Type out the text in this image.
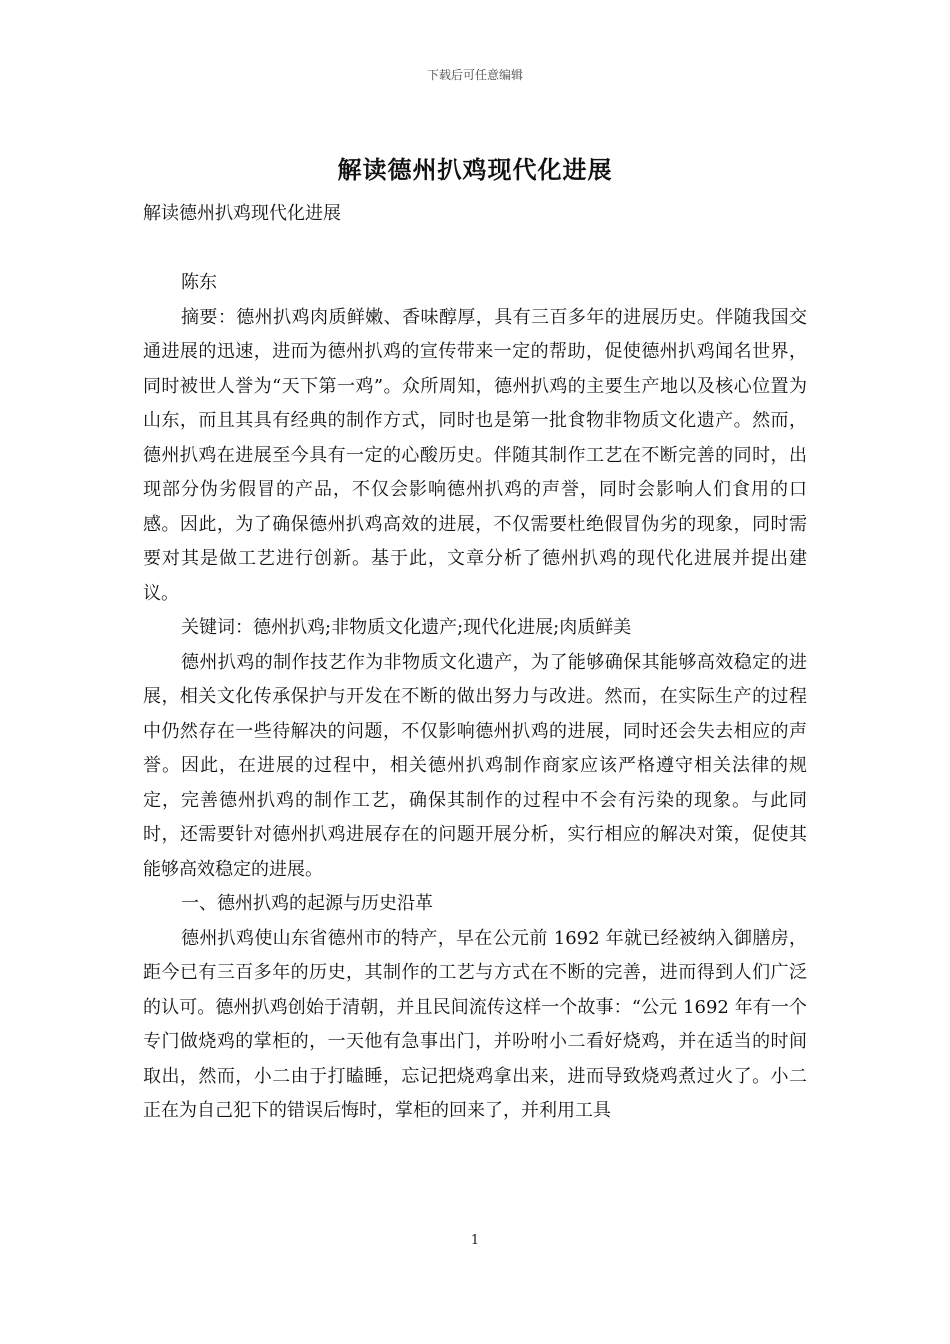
下载后可任意编辑
解读德州扒鸡现代化进展

解读德州扒鸡现代化进展

陈东

摘要：德州扒鸡肉质鲜嫩、香味醇厚，具有三百多年的进展历史。伴随我国交通进展的迅速，进而为德州扒鸡的宣传带来一定的帮助，促使德州扒鸡闻名世界，同时被世人誉为“天下第一鸡”。众所周知，德州扒鸡的主要生产地以及核心位置为山东，而且其具有经典的制作方式，同时也是第一批食物非物质文化遗产。然而，德州扒鸡在进展至今具有一定的心酸历史。伴随其制作工艺在不断完善的同时，出现部分伪劣假冒的产品，不仅会影响德州扒鸡的声誉，同时会影响人们食用的口感。因此，为了确保德州扒鸡高效的进展，不仅需要杜绝假冒伪劣的现象，同时需要对其是做工艺进行创新。基于此，文章分析了德州扒鸡的现代化进展并提出建议。

关键词：德州扒鸡;非物质文化遗产;现代化进展;肉质鲜美

德州扒鸡的制作技艺作为非物质文化遗产，为了能够确保其能够高效稳定的进展，相关文化传承保护与开发在不断的做出努力与改进。然而，在实际生产的过程中仍然存在一些待解决的问题，不仅影响德州扒鸡的进展，同时还会失去相应的声誉。因此，在进展的过程中，相关德州扒鸡制作商家应该严格遵守相关法律的规定，完善德州扒鸡的制作工艺，确保其制作的过程中不会有污染的现象。与此同时，还需要针对德州扒鸡进展存在的问题开展分析，实行相应的解决对策，促使其能够高效稳定的进展。

一、德州扒鸡的起源与历史沿革

德州扒鸡使山东省德州市的特产，早在公元前 1692 年就已经被纳入御膳房，距今已有三百多年的历史，其制作的工艺与方式在不断的完善，进而得到人们广泛的认可。德州扒鸡创始于清朝，并且民间流传这样一个故事：“公元 1692 年有一个专门做烧鸡的掌柜的，一天他有急事出门，并吩咐小二看好烧鸡，并在适当的时间取出，然而，小二由于打瞌睡，忘记把烧鸡拿出来，进而导致烧鸡煮过火了。小二正在为自己犯下的错误后悔时，掌柜的回来了，并利用工具

1
